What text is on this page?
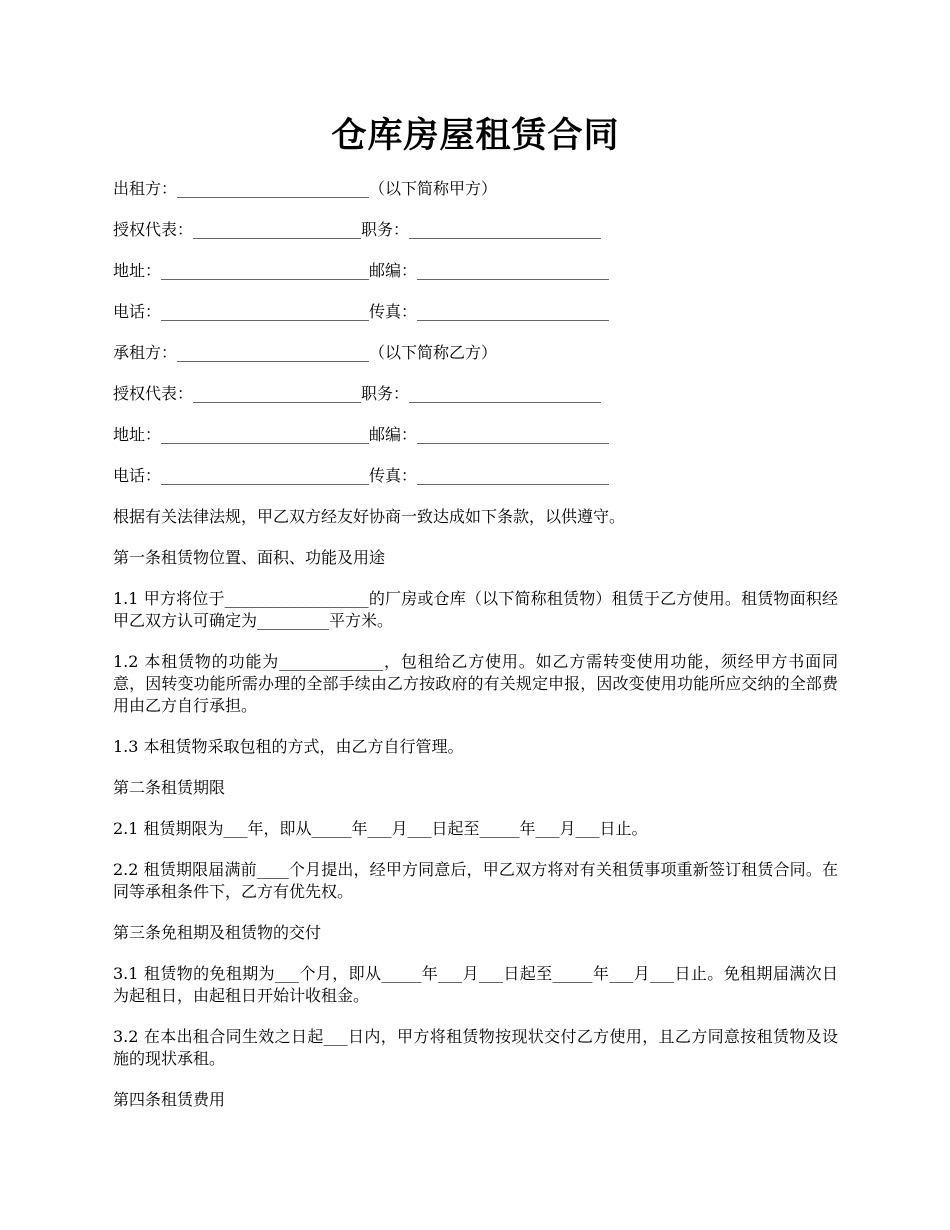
仓库房屋租赁合同

出租方：________________________（以下简称甲方）

授权代表：_____________________职务：________________________

地址：__________________________邮编：________________________

电话：__________________________传真：________________________

承租方：________________________（以下简称乙方）

授权代表：_____________________职务：________________________

地址：__________________________邮编：________________________

电话：__________________________传真：________________________

根据有关法律法规，甲乙双方经友好协商一致达成如下条款，以供遵守。

第一条租赁物位置、面积、功能及用途

1.1 甲方将位于__________________的厂房或仓库（以下简称租赁物）租赁于乙方使用。租赁物面积经甲乙双方认可确定为_________平方米。

1.2 本租赁物的功能为_____________，包租给乙方使用。如乙方需转变使用功能，须经甲方书面同意，因转变功能所需办理的全部手续由乙方按政府的有关规定申报，因改变使用功能所应交纳的全部费用由乙方自行承担。

1.3 本租赁物采取包租的方式，由乙方自行管理。

第二条租赁期限

2.1 租赁期限为___年，即从_____年___月___日起至_____年___月___日止。

2.2 租赁期限届满前____个月提出，经甲方同意后，甲乙双方将对有关租赁事项重新签订租赁合同。在同等承租条件下，乙方有优先权。

第三条免租期及租赁物的交付

3.1 租赁物的免租期为___个月，即从_____年___月___日起至_____年___月___日止。免租期届满次日为起租日，由起租日开始计收租金。

3.2 在本出租合同生效之日起___日内，甲方将租赁物按现状交付乙方使用，且乙方同意按租赁物及设施的现状承租。

第四条租赁费用
